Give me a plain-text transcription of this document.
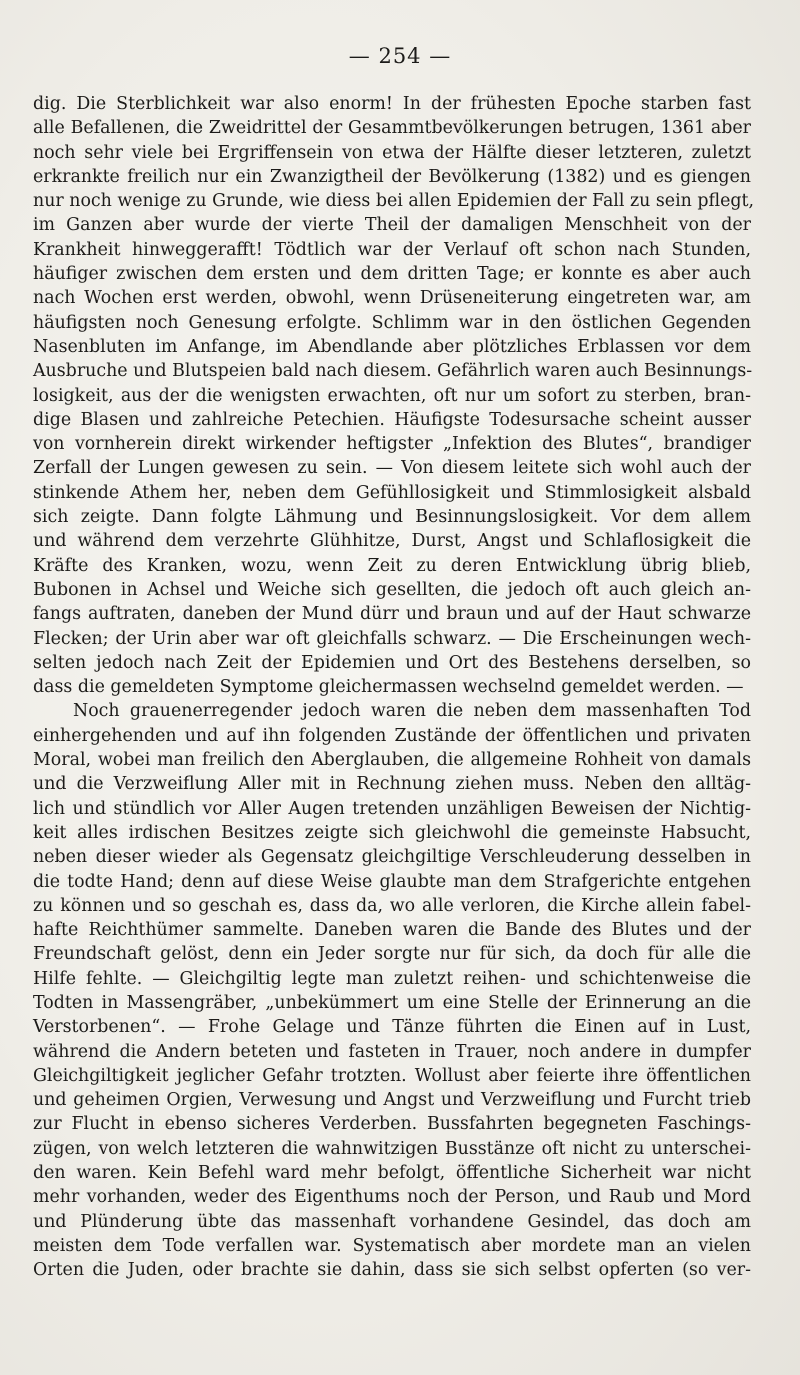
— 254 —
dig. Die Sterblichkeit war also enorm! In der frühesten Epoche starben fast
alle Befallenen, die Zweidrittel der Gesammtbevölkerungen betrugen, 1361 aber
noch sehr viele bei Ergriffensein von etwa der Hälfte dieser letzteren, zuletzt
erkrankte freilich nur ein Zwanzigtheil der Bevölkerung (1382) und es giengen
nur noch wenige zu Grunde, wie diess bei allen Epidemien der Fall zu sein pflegt,
im Ganzen aber wurde der vierte Theil der damaligen Menschheit von der
Krankheit hinweggerafft! Tödtlich war der Verlauf oft schon nach Stunden,
häufiger zwischen dem ersten und dem dritten Tage; er konnte es aber auch
nach Wochen erst werden, obwohl, wenn Drüseneiterung eingetreten war, am
häufigsten noch Genesung erfolgte. Schlimm war in den östlichen Gegenden
Nasenbluten im Anfange, im Abendlande aber plötzliches Erblassen vor dem
Ausbruche und Blutspeien bald nach diesem. Gefährlich waren auch Besinnungs-
losigkeit, aus der die wenigsten erwachten, oft nur um sofort zu sterben, bran-
dige Blasen und zahlreiche Petechien. Häufigste Todesursache scheint ausser
von vornherein direkt wirkender heftigster „Infektion des Blutes“, brandiger
Zerfall der Lungen gewesen zu sein. — Von diesem leitete sich wohl auch der
stinkende Athem her, neben dem Gefühllosigkeit und Stimmlosigkeit alsbald
sich zeigte. Dann folgte Lähmung und Besinnungslosigkeit. Vor dem allem
und während dem verzehrte Glühhitze, Durst, Angst und Schlaflosigkeit die
Kräfte des Kranken, wozu, wenn Zeit zu deren Entwicklung übrig blieb,
Bubonen in Achsel und Weiche sich gesellten, die jedoch oft auch gleich an-
fangs auftraten, daneben der Mund dürr und braun und auf der Haut schwarze
Flecken; der Urin aber war oft gleichfalls schwarz. — Die Erscheinungen wech-
selten jedoch nach Zeit der Epidemien und Ort des Bestehens derselben, so
dass die gemeldeten Symptome gleichermassen wechselnd gemeldet werden. —
Noch grauenerregender jedoch waren die neben dem massenhaften Tod
einhergehenden und auf ihn folgenden Zustände der öffentlichen und privaten
Moral, wobei man freilich den Aberglauben, die allgemeine Rohheit von damals
und die Verzweiflung Aller mit in Rechnung ziehen muss. Neben den alltäg-
lich und stündlich vor Aller Augen tretenden unzähligen Beweisen der Nichtig-
keit alles irdischen Besitzes zeigte sich gleichwohl die gemeinste Habsucht,
neben dieser wieder als Gegensatz gleichgiltige Verschleuderung desselben in
die todte Hand; denn auf diese Weise glaubte man dem Strafgerichte entgehen
zu können und so geschah es, dass da, wo alle verloren, die Kirche allein fabel-
hafte Reichthümer sammelte. Daneben waren die Bande des Blutes und der
Freundschaft gelöst, denn ein Jeder sorgte nur für sich, da doch für alle die
Hilfe fehlte. — Gleichgiltig legte man zuletzt reihen- und schichtenweise die
Todten in Massengräber, „unbekümmert um eine Stelle der Erinnerung an die
Verstorbenen“. — Frohe Gelage und Tänze führten die Einen auf in Lust,
während die Andern beteten und fasteten in Trauer, noch andere in dumpfer
Gleichgiltigkeit jeglicher Gefahr trotzten. Wollust aber feierte ihre öffentlichen
und geheimen Orgien, Verwesung und Angst und Verzweiflung und Furcht trieb
zur Flucht in ebenso sicheres Verderben. Bussfahrten begegneten Faschings-
zügen, von welch letzteren die wahnwitzigen Busstänze oft nicht zu unterschei-
den waren. Kein Befehl ward mehr befolgt, öffentliche Sicherheit war nicht
mehr vorhanden, weder des Eigenthums noch der Person, und Raub und Mord
und Plünderung übte das massenhaft vorhandene Gesindel, das doch am
meisten dem Tode verfallen war. Systematisch aber mordete man an vielen
Orten die Juden, oder brachte sie dahin, dass sie sich selbst opferten (so ver-
